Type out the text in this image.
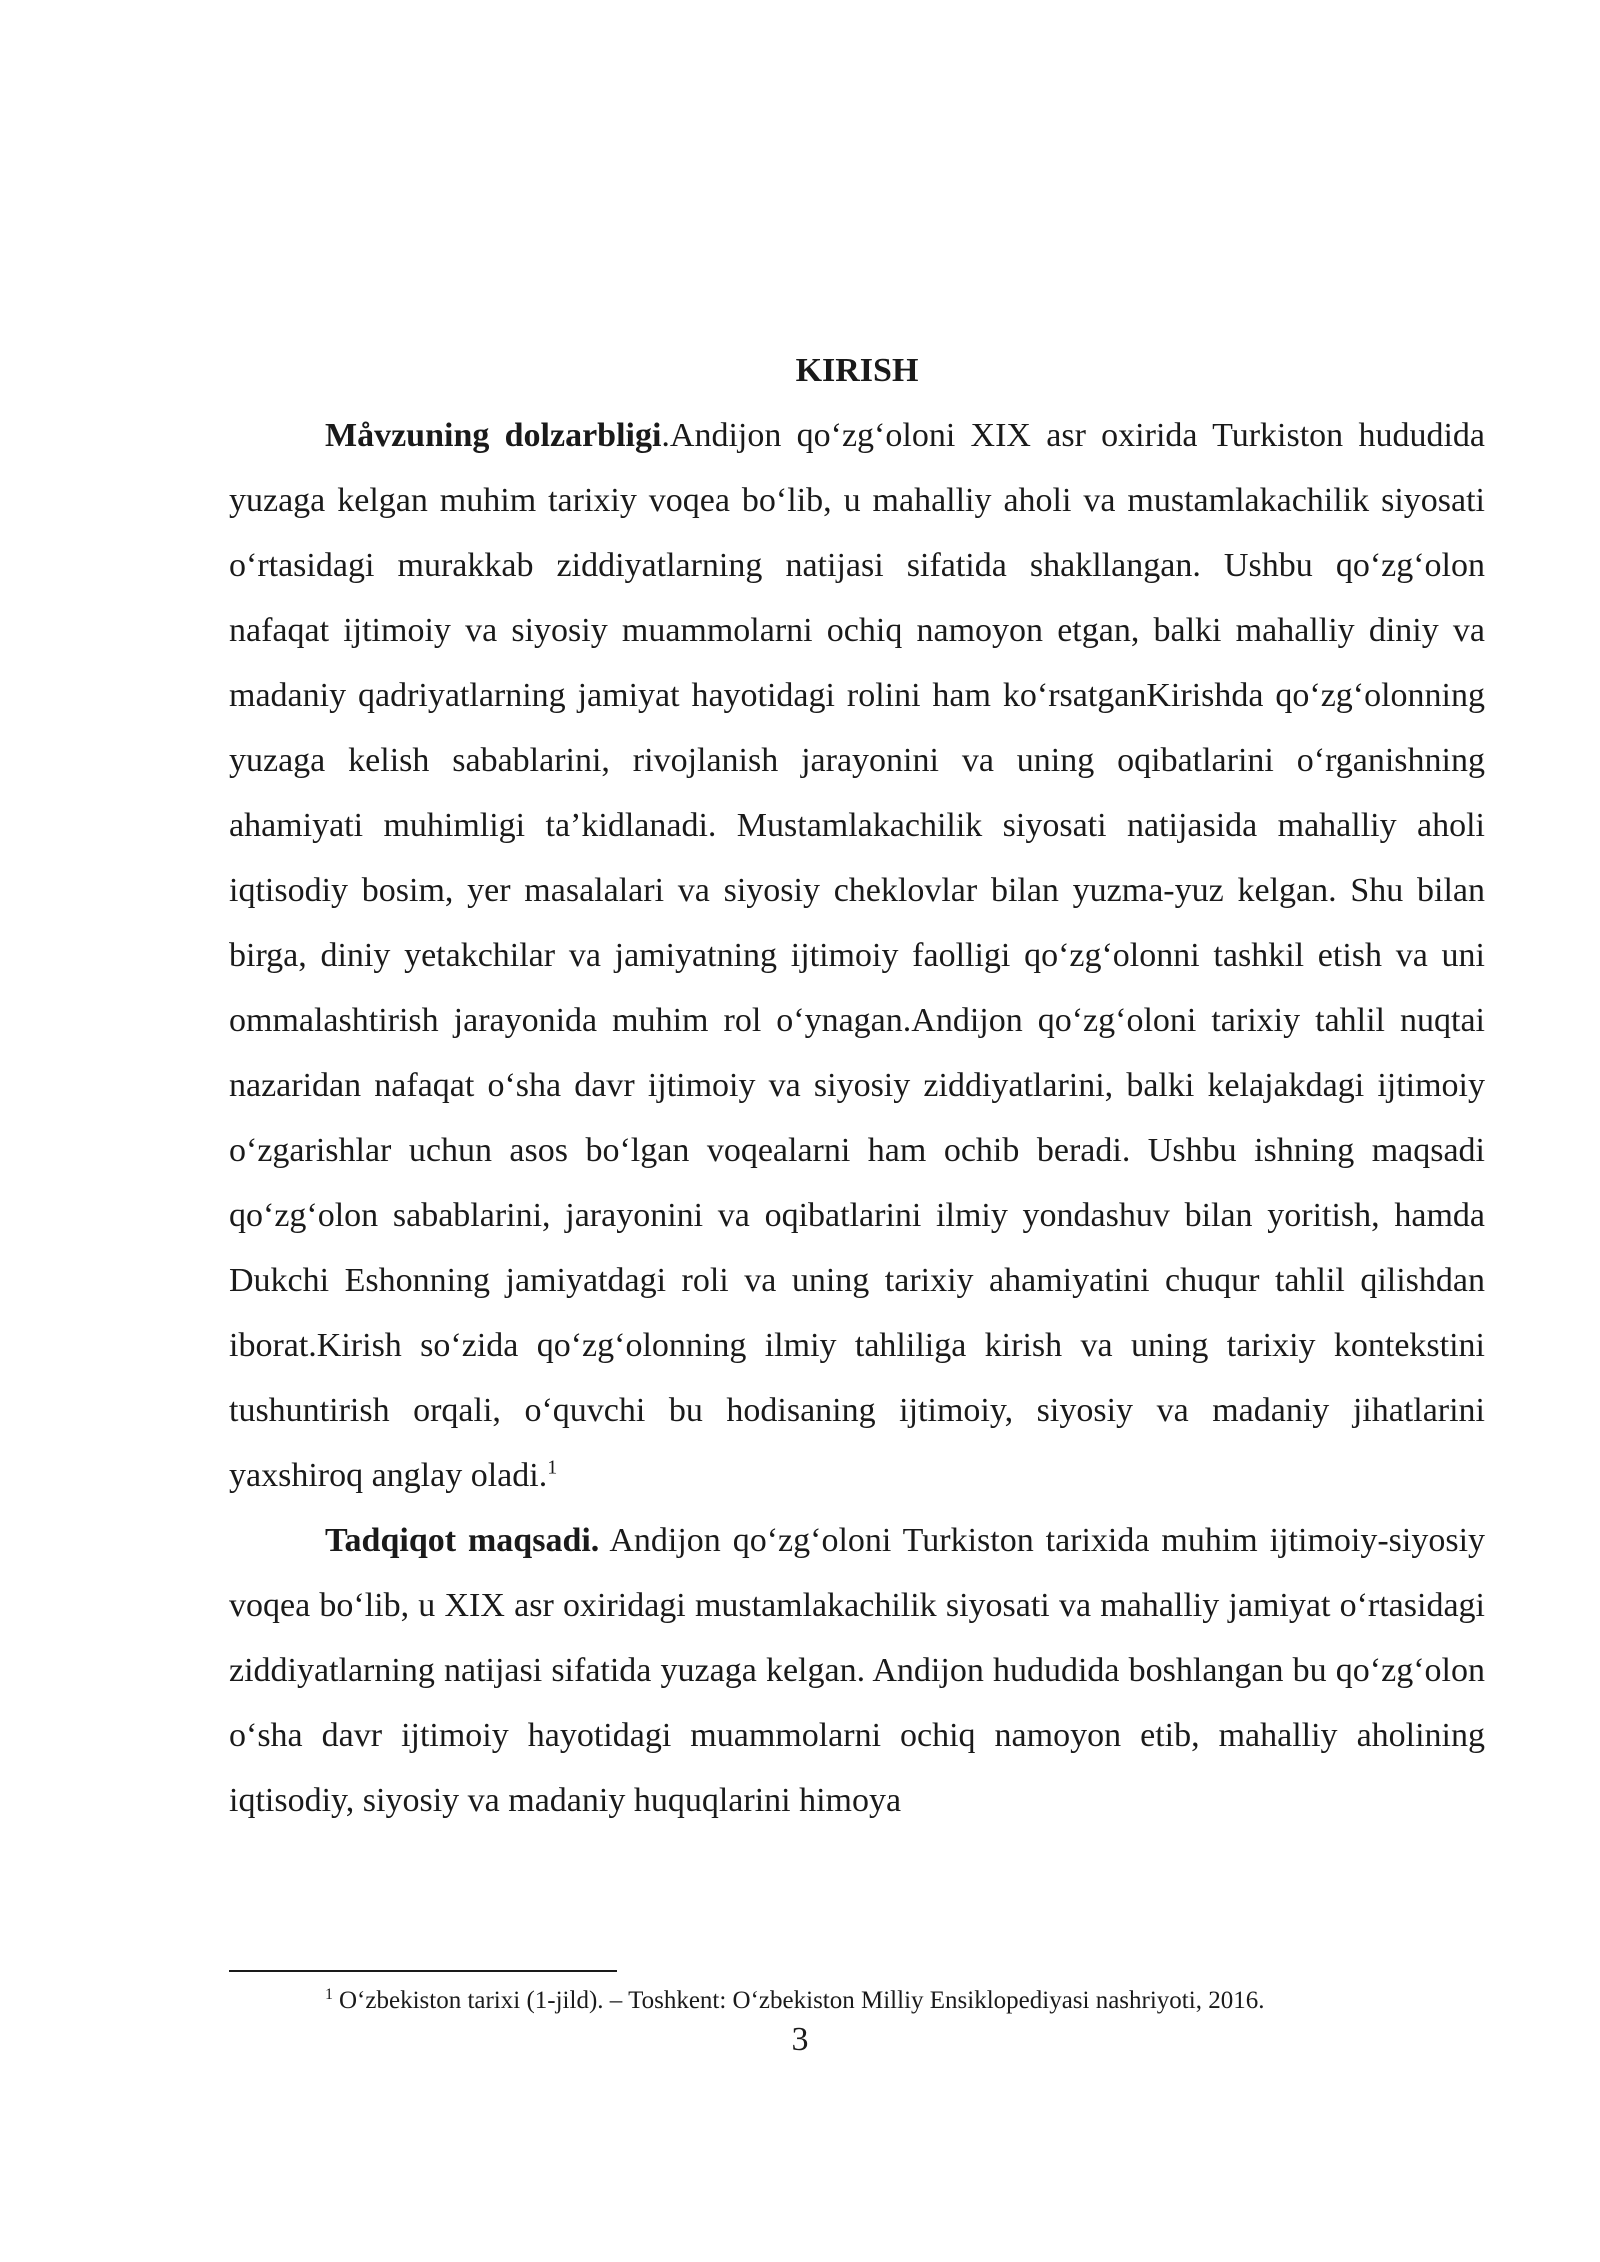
KIRISH

Måvzuning dolzarbligi.Andijon qo‘zg‘oloni XIX asr oxirida Turkiston hududida yuzaga kelgan muhim tarixiy voqea bo‘lib, u mahalliy aholi va mustamlakachilik siyosati o‘rtasidagi murakkab ziddiyatlarning natijasi sifatida shakllangan. Ushbu qo‘zg‘olon nafaqat ijtimoiy va siyosiy muammolarni ochiq namoyon etgan, balki mahalliy diniy va madaniy qadriyatlarning jamiyat hayotidagi rolini ham ko‘rsatganKirishda qo‘zg‘olonning yuzaga kelish sabablarini, rivojlanish jarayonini va uning oqibatlarini o‘rganishning ahamiyati muhimligi ta’kidlanadi. Mustamlakachilik siyosati natijasida mahalliy aholi iqtisodiy bosim, yer masalalari va siyosiy cheklovlar bilan yuzma-yuz kelgan. Shu bilan birga, diniy yetakchilar va jamiyatning ijtimoiy faolligi qo‘zg‘olonni tashkil etish va uni ommalashtirish jarayonida muhim rol o‘ynagan.Andijon qo‘zg‘oloni tarixiy tahlil nuqtai nazaridan nafaqat o‘sha davr ijtimoiy va siyosiy ziddiyatlarini, balki kelajakdagi ijtimoiy o‘zgarishlar uchun asos bo‘lgan voqealarni ham ochib beradi. Ushbu ishning maqsadi qo‘zg‘olon sabablarini, jarayonini va oqibatlarini ilmiy yondashuv bilan yoritish, hamda Dukchi Eshonning jamiyatdagi roli va uning tarixiy ahamiyatini chuqur tahlil qilishdan iborat.Kirish so‘zida qo‘zg‘olonning ilmiy tahliliga kirish va uning tarixiy kontekstini tushuntirish orqali, o‘quvchi bu hodisaning ijtimoiy, siyosiy va madaniy jihatlarini yaxshiroq anglay oladi.$^1$

Tadqiqot maqsadi. Andijon qo‘zg‘oloni Turkiston tarixida muhim ijtimoiy-siyosiy voqea bo‘lib, u XIX asr oxiridagi mustamlakachilik siyosati va mahalliy jamiyat o‘rtasidagi ziddiyatlarning natijasi sifatida yuzaga kelgan. Andijon hududida boshlangan bu qo‘zg‘olon o‘sha davr ijtimoiy hayotidagi muammolarni ochiq namoyon etib, mahalliy aholining iqtisodiy, siyosiy va madaniy huquqlarini himoya

$^1$ O‘zbekiston tarixi (1-jild). – Toshkent: O‘zbekiston Milliy Ensiklopediyasi nashriyoti, 2016.

3
